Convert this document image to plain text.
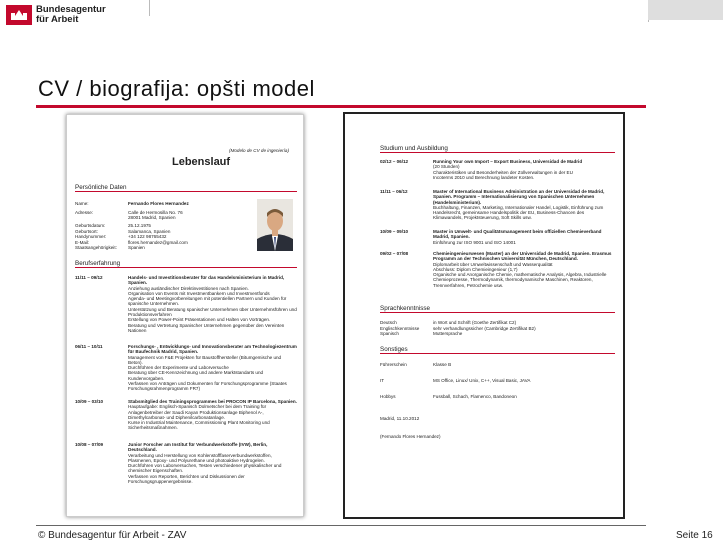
Bundesagentur
für Arbeit
CV / biografija: opšti model
(Modelo de CV de ingeniería)
Lebenslauf
Persönliche Daten
Name:	Fernando Flores Hernandez
Adresse:	Calle de Hermosilla No. 76
28001 Madrid, Spanien
Geburtsdatum:	25.12.1975
Geburtsort:	Salamanca, Spanien
Handynummer:	+34 122 98765432
E-Mail:	flores.hernandez@gmail.com
Staatsangehörigkeit: Spanien
Berufserfahrung
11/11 – 09/12	Handels- und Investitionsberater für das Handelsministerium in Madrid, Spanien.
Anziehung ausländischer Direktinvestitionen nach Spanien.
Organisation von Events mit Investmentbankern und Investmentfonds
Agenda- und Meetingvorbereitungen mit potentiellen Partnern und Kunden für spanische Unternehmen.
Unterstützung und Beratung spanischer Unternehmen über Unternehmsführen und Produktionsverfahren
Erstellung von Power-Point Präsentationen und Halten von Vorträgen.
Beratung und Vertretung Spanischer Unternehmen gegenüber den Vereinten Nationen
06/11 – 10/11	Forschungs- , Entwicklungs- und Innovationsberater am Technologiezentrum für Baufechnik Madrid, Spanien.
Management von F&E Projekten für Baustoffhersteller (Bitumgemische und Beton).
Durchführen der Experimente und Laborversuche
Beratung über CE-Kennzeichnung und andere Marktstandarts und Kundenvorgaben.
Verfassen von Anträgen und Dokumenten für Forschungsprogramme (Staates Forschungsrahmenprogramm FR7)
10/09 – 03/10	Stabsmitglied des Trainingsprogrammes bei PROCON IP Barcelona, Spanien.
Hauptaufgabe: Englisch-Spanisch Dolmetscher bei dem Training für Anlagenbetreiber der Saudi Kayan Produktionsanlage Biphenol A-, Dimethylcarbonat- und Diphenilcarbonatanlage.
Kurse in Industrial Maintenance, Commissioning Plant Monitoring und Sicherheitsmaßnahmen.
10/08 – 07/09	Junior Forscher am Institut für Verbundwerkstoffe (IVW), Berlin, Deutschland.
Verarbeitung und Herstellung von Kohlenstofffaserverbundwerkstoffen, Plasmenen, Epoxy- und Polyurethane und photoaktive Hydrogelen.
Durchführen von Laborversuchen, Testen verschiedener physikalischer und chemischer Eigenschaften.
Verfassen von Reporten, Berichten und Diskussionen der Forschungsgruppenergebnisse.
Studium und Ausbildung
02/12 – 06/12	Running Your own Import – Export Business, Universidad de Madrid
(20 Stunden)
Charakteristiken und Besonderheiten der Zollverwaltungen in der EU
Incoterms 2010 und Berechnung landeter Kosten.
11/11 – 06/12	Master of International Business Administration an der Universidad de Madrid, Spanien. Programm – Internationalisierung von Spanischen Unternehmen (Handelsministerium).
Buchhaltung, Finanzen, Marketing, Internationaler Handel, Logistik, Einführung zum Handelsrecht, gemeinsame Handelspolitik der EU, Business-Chancen des Klimawandels, Projektsteuerung, Soft Skills usw.
10/09 – 09/10	Master in Umwelt- und Qualitätsmanagement beim offiziellen Chemieverband Madrid, Spanien.
Einführung zur ISO 9001 und ISO 14001
09/02 – 07/08	Chemieingenieurwesen (Master) an der Universidad de Madrid, Spanien. Erasmus Programm an der Technischen Universität München, Deutschland.
Diplomarbeit über Umweltwissenschaft und Wasserqualität
Abschluss: Diplom Chemieingenieur (1,7)
Organische und Anorganische Chemie, mathematische Analysis, Algebra, Industrielle Chemieprozesse, Thermodynamik, thermodynamische Maschinen, Reaktoren, Trennverfahren, Petrochemie usw.
Sprachkenntnisse
Deutsch	in Wort und Schrift (Goethe Zertifikat C2)
Englischkenntnisse	sehr verhandlungssicher (Cambridge Zertifikat B2)
Spanisch	Muttersprache
Sonstiges
Führerschein	Klasse B
IT	MS Office, Linux/ Unix, C++, Visual Basic, JAVA
Hobbys	Fussball, Schach, Flamenco, Bandoneon
Madrid, 11.10.2012
(Fernando Flores Hernandez)
© Bundesagentur für Arbeit - ZAV	Seite 16
